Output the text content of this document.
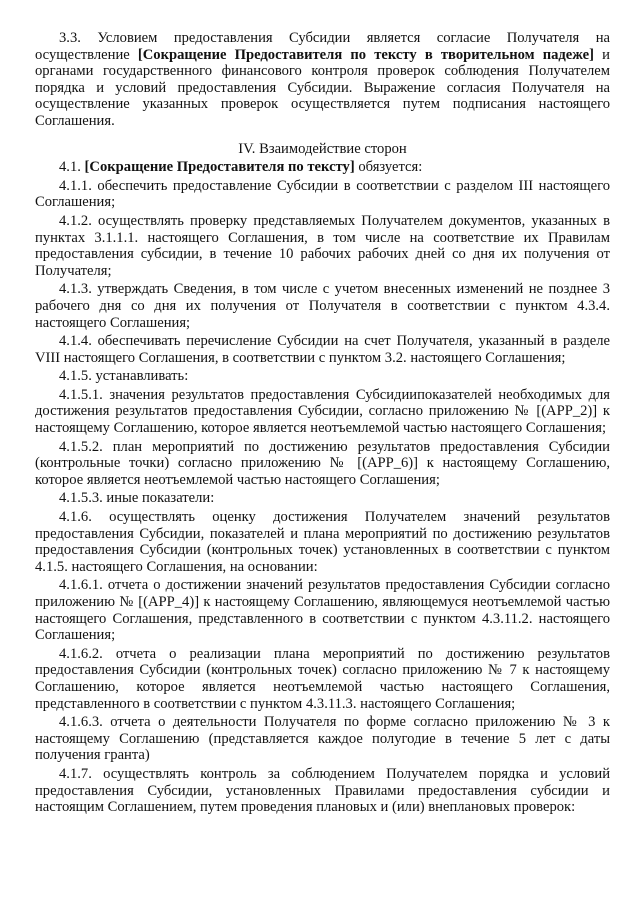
3.3. Условием предоставления Субсидии является согласие Получателя на осуществление [Сокращение Предоставителя по тексту в творительном падеже] и органами государственного финансового контроля проверок соблюдения Получателем порядка и условий предоставления Субсидии. Выражение согласия Получателя на осуществление указанных проверок осуществляется путем подписания настоящего Соглашения.

IV. Взаимодействие сторон

4.1. [Сокращение Предоставителя по тексту] обязуется:

4.1.1. обеспечить предоставление Субсидии в соответствии с разделом III настоящего Соглашения;

4.1.2. осуществлять проверку представляемых Получателем документов, указанных в пунктах 3.1.1.1. настоящего Соглашения, в том числе на соответствие их Правилам предоставления субсидии, в течение 10 рабочих рабочих дней со дня их получения от Получателя;

4.1.3. утверждать Сведения, в том числе с учетом внесенных изменений не позднее 3 рабочего дня со дня их получения от Получателя в соответствии с пунктом 4.3.4. настоящего Соглашения;

4.1.4. обеспечивать перечисление Субсидии на счет Получателя, указанный в разделе VIII настоящего Соглашения, в соответствии с пунктом 3.2. настоящего Соглашения;

4.1.5. устанавливать:

4.1.5.1. значения результатов предоставления Субсидиипоказателей необходимых для достижения результатов предоставления Субсидии, согласно приложению № [(APP_2)] к настоящему Соглашению, которое является неотъемлемой частью настоящего Соглашения;

4.1.5.2. план мероприятий по достижению результатов предоставления Субсидии (контрольные точки) согласно приложению № [(APP_6)] к настоящему Соглашению, которое является неотъемлемой частью настоящего Соглашения;

4.1.5.3. иные показатели:

4.1.6. осуществлять оценку достижения Получателем значений результатов предоставления Субсидии, показателей и плана мероприятий по достижению результатов предоставления Субсидии (контрольных точек) установленных в соответствии с пунктом 4.1.5. настоящего Соглашения, на основании:

4.1.6.1. отчета о достижении значений результатов предоставления Субсидии согласно приложению № [(APP_4)] к настоящему Соглашению, являющемуся неотъемлемой частью настоящего Соглашения, представленного в соответствии с пунктом 4.3.11.2. настоящего Соглашения;

4.1.6.2. отчета о реализации плана мероприятий по достижению результатов предоставления Субсидии (контрольных точек) согласно приложению № 7 к настоящему Соглашению, которое является неотъемлемой частью настоящего Соглашения, представленного в соответствии с пунктом 4.3.11.3. настоящего Соглашения;

4.1.6.3. отчета о деятельности Получателя по форме согласно приложению № 3 к настоящему Соглашению (представляется каждое полугодие в течение 5 лет с даты получения гранта)

4.1.7. осуществлять контроль за соблюдением Получателем порядка и условий предоставления Субсидии, установленных Правилами предоставления субсидии и настоящим Соглашением, путем проведения плановых и (или) внеплановых проверок:
